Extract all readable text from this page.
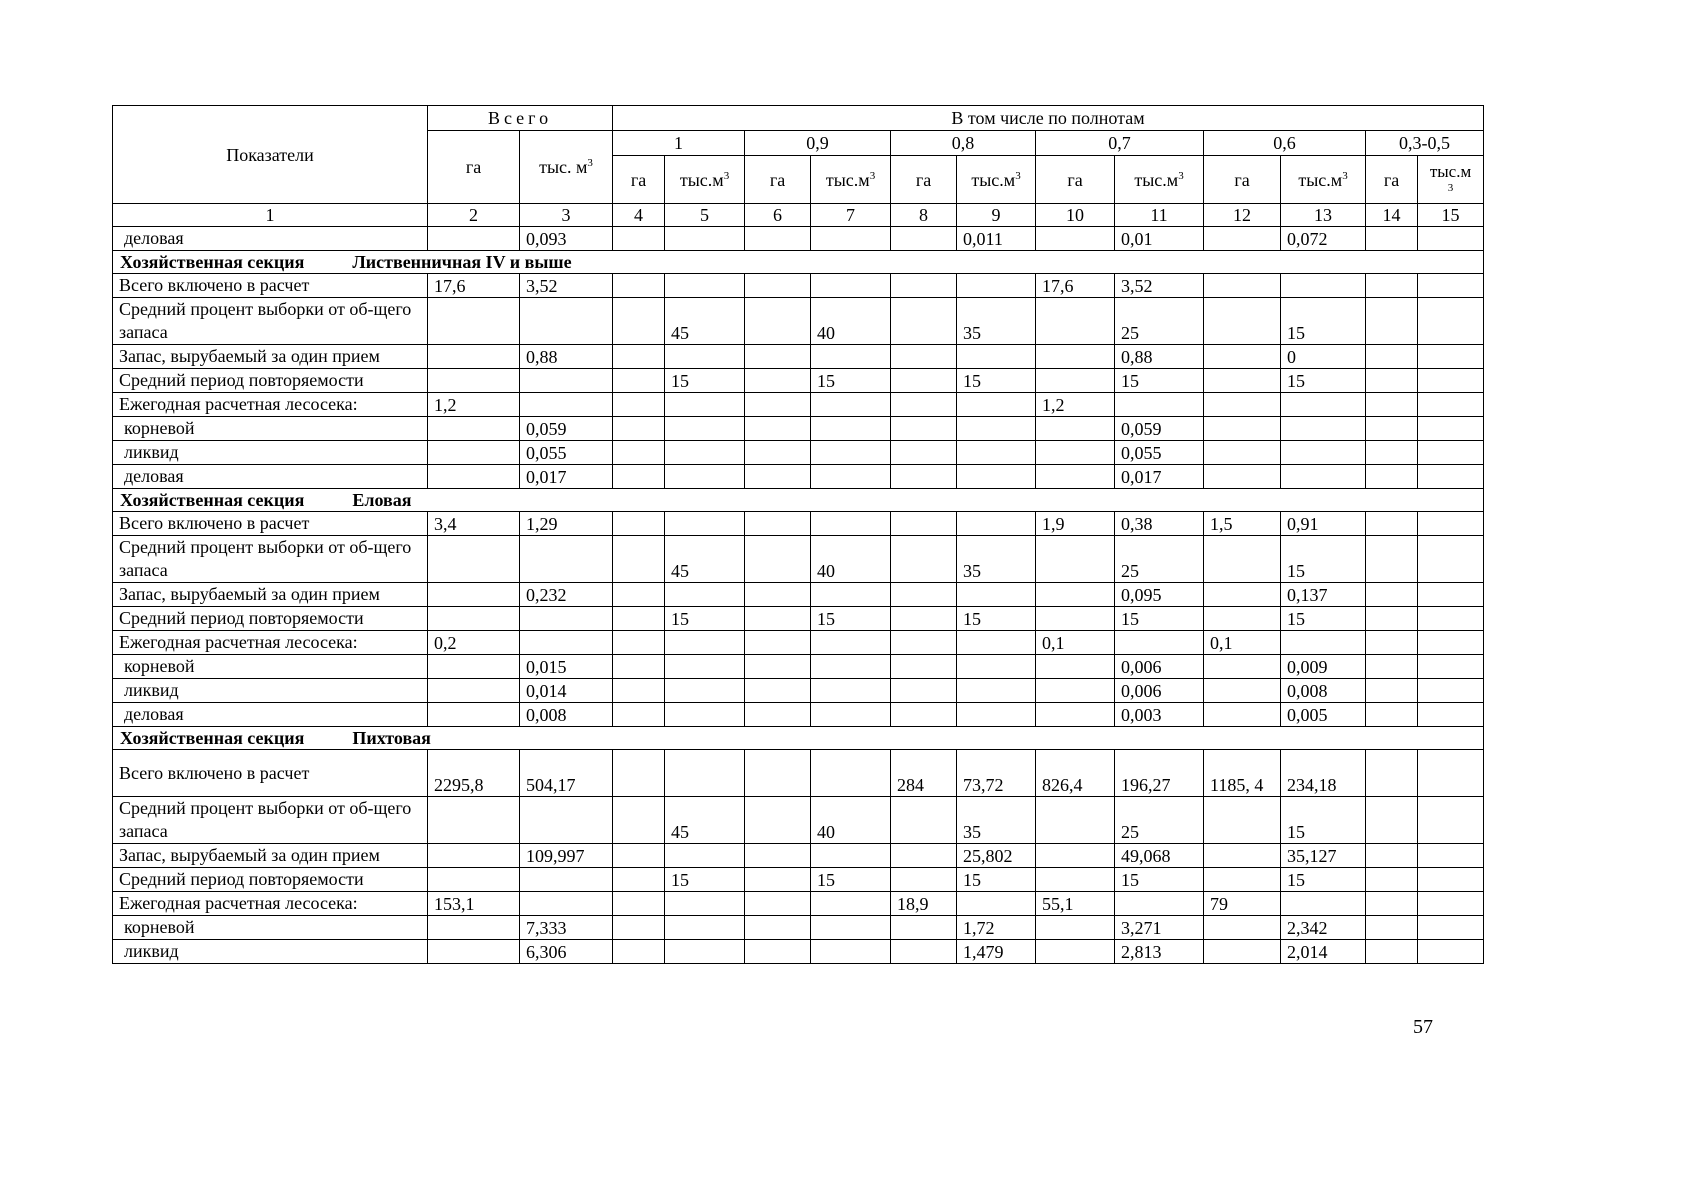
Показатели	Всего		В том числе по полнотам											
	га	тыс. $м^3$	1		0,9		0,8		0,7		0,6		0,3-0,5	
			га	$тыс.м^3$	га	$тыс.м^3$	га	$тыс.м^3$	га	$тыс.м^3$	га	$тыс.м^3$	га	тыс.м
3
1	2	3	4	5	6	7	8	9	10	11	12	13	14	15
деловая		0,093						0,011		0,01		0,072		
Хозяйственная секция Лиственничная IV и выше														
Всего включено в расчет	17,6	3,52							17,6	3,52				
Средний процент выборки от об-щего запаса				45		40		35		25		15		
Запас, вырубаемый за один прием		0,88								0,88		0		
Средний период повторяемости				15		15		15		15		15		
Ежегодная расчетная лесосека:	1,2								1,2					
корневой		0,059								0,059				
ликвид		0,055								0,055				
деловая		0,017								0,017				
Хозяйственная секция Еловая														
Всего включено в расчет	3,4	1,29							1,9	0,38	1,5	0,91		
Средний процент выборки от об-щего запаса				45		40		35		25		15		
Запас, вырубаемый за один прием		0,232								0,095		0,137		
Средний период повторяемости				15		15		15		15		15		
Ежегодная расчетная лесосека:	0,2								0,1		0,1			
корневой		0,015								0,006		0,009		
ликвид		0,014								0,006		0,008		
деловая		0,008								0,003		0,005		
Хозяйственная секция Пихтовая														
Всего включено в расчет	2295,8	504,17					284	73,72	826,4	196,27	1185, 4	234,18		
Средний процент выборки от об-щего запаса				45		40		35		25		15		
Запас, вырубаемый за один прием		109,997						25,802		49,068		35,127		
Средний период повторяемости				15		15		15		15		15		
Ежегодная расчетная лесосека:	153,1						18,9		55,1		79			
корневой		7,333						1,72		3,271		2,342		
ликвид		6,306						1,479		2,813		2,014		
57
